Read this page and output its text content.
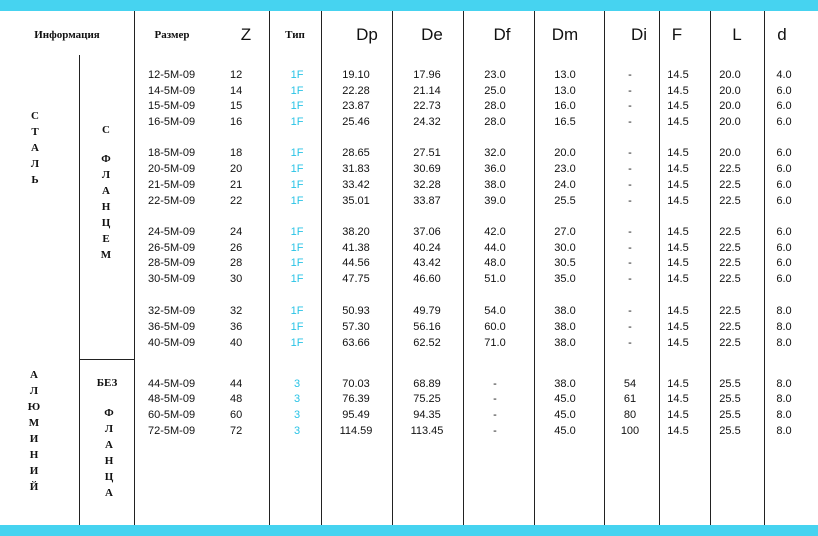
Информация	Размер	Z	Тип	Dp	De	Df	Dm	Di	F	L	d
С
Т
А
Л
Ь
А
Л
Ю
М
И
Н
И
Й
С
Ф
Л
А
Н
Ц
Е
М
БЕЗ
Ф
Л
А
Н
Ц
А
12-5M-09	12	1F	19.10	17.96	23.0	13.0	-	14.5	20.0	4.0
14-5M-09	14	1F	22.28	21.14	25.0	13.0	-	14.5	20.0	6.0
15-5M-09	15	1F	23.87	22.73	28.0	16.0	-	14.5	20.0	6.0
16-5M-09	16	1F	25.46	24.32	28.0	16.5	-	14.5	20.0	6.0
18-5M-09	18	1F	28.65	27.51	32.0	20.0	-	14.5	20.0	6.0
20-5M-09	20	1F	31.83	30.69	36.0	23.0	-	14.5	22.5	6.0
21-5M-09	21	1F	33.42	32.28	38.0	24.0	-	14.5	22.5	6.0
22-5M-09	22	1F	35.01	33.87	39.0	25.5	-	14.5	22.5	6.0
24-5M-09	24	1F	38.20	37.06	42.0	27.0	-	14.5	22.5	6.0
26-5M-09	26	1F	41.38	40.24	44.0	30.0	-	14.5	22.5	6.0
28-5M-09	28	1F	44.56	43.42	48.0	30.5	-	14.5	22.5	6.0
30-5M-09	30	1F	47.75	46.60	51.0	35.0	-	14.5	22.5	6.0
32-5M-09	32	1F	50.93	49.79	54.0	38.0	-	14.5	22.5	8.0
36-5M-09	36	1F	57.30	56.16	60.0	38.0	-	14.5	22.5	8.0
40-5M-09	40	1F	63.66	62.52	71.0	38.0	-	14.5	22.5	8.0
44-5M-09	44	3	70.03	68.89	-	38.0	54	14.5	25.5	8.0
48-5M-09	48	3	76.39	75.25	-	45.0	61	14.5	25.5	8.0
60-5M-09	60	3	95.49	94.35	-	45.0	80	14.5	25.5	8.0
72-5M-09	72	3	114.59	113.45	-	45.0	100	14.5	25.5	8.0
